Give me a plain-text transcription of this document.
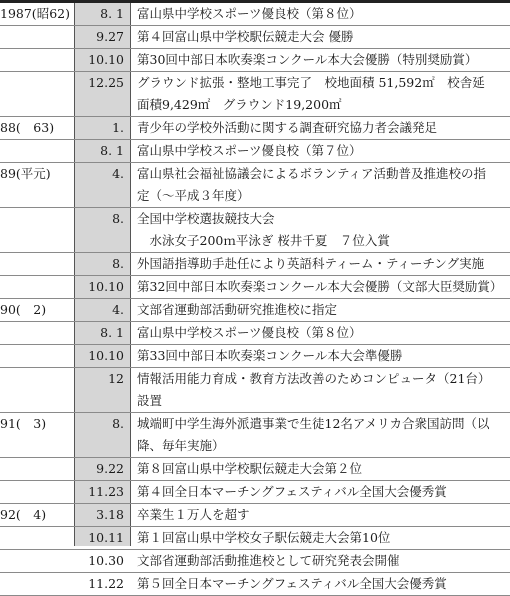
1987(昭62)	8. 1 富山県中学校スポーツ優良校（第８位）
9.27 第４回富山県中学校駅伝競走大会 優勝
10.10 第30回中部日本吹奏楽コンクール本大会優勝（特別奨励賞）
12.25 グラウンド拡張・整地工事完了　校地面積 51,592㎡　校舎延
面積9,429㎡　グラウンド19,200㎡
88(　63)	1. 青少年の学校外活動に関する調査研究協力者会議発足
8. 1 富山県中学校スポーツ優良校（第７位）
89(平元)	4. 富山県社会福祉協議会によるボランティア活動普及推進校の指
定（～平成３年度）
8. 全国中学校選抜競技大会
　水泳女子200ｍ平泳ぎ 桜井千夏　７位入賞
8. 外国語指導助手赴任により英語科ティーム・ティーチング実施
10.10 第32回中部日本吹奏楽コンクール本大会優勝（文部大臣奨励賞）
90(　2)	4. 文部省運動部活動研究推進校に指定
8. 1 富山県中学校スポーツ優良校（第８位）
10.10 第33回中部日本吹奏楽コンクール本大会準優勝
12 情報活用能力育成・教育方法改善のためコンピュータ（21台）
設置
91(　3)	8. 城端町中学生海外派遣事業で生徒12名アメリカ合衆国訪問（以
降、毎年実施）
9.22 第８回富山県中学校駅伝競走大会第２位
11.23 第４回全日本マーチングフェスティバル全国大会優秀賞
92(　4)	3.18 卒業生１万人を超す
10.11 第１回富山県中学校女子駅伝競走大会第10位
10.30 文部省運動部活動推進校として研究発表会開催
11.22 第５回全日本マーチングフェスティバル全国大会優秀賞
